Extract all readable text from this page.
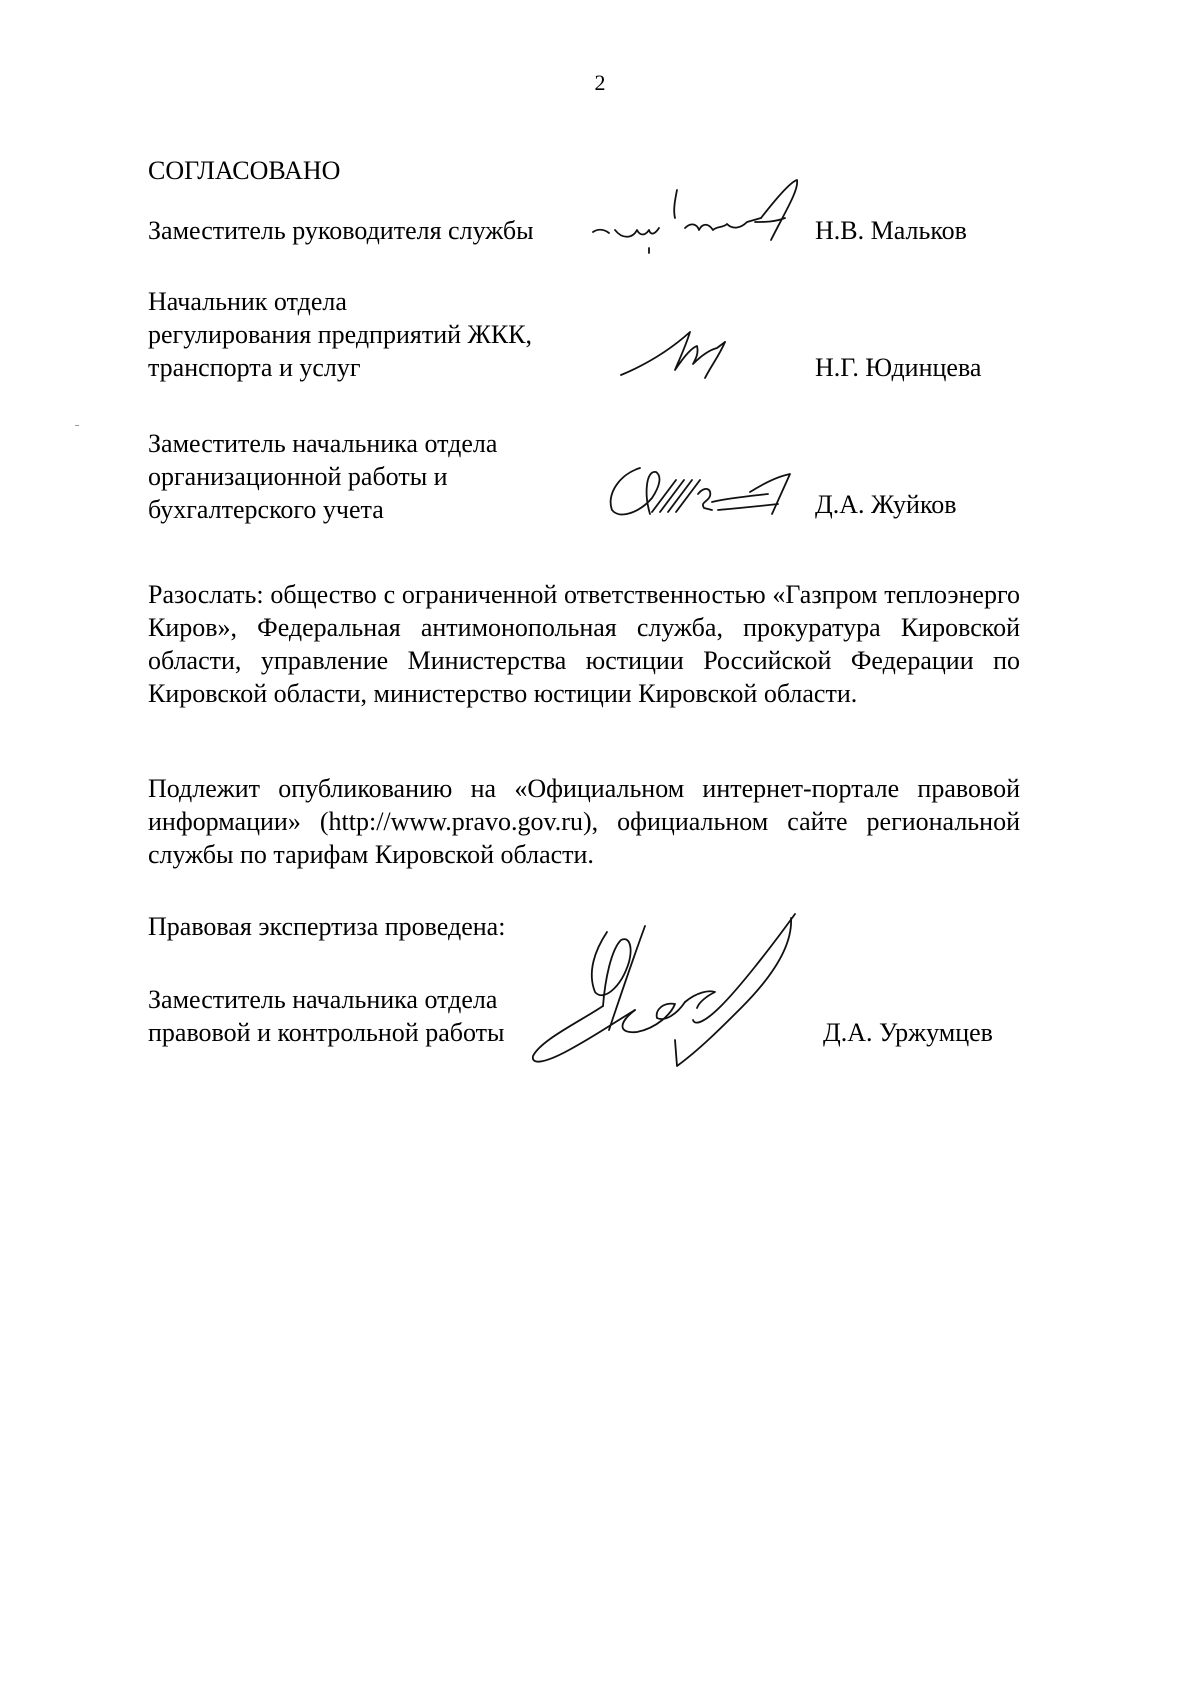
2
СОГЛАСОВАНО
Заместитель руководителя службы	Н.В. Мальков
Начальник отдела
регулирования предприятий ЖКК,
транспорта и услуг	Н.Г. Юдинцева
Заместитель начальника отдела
организационной работы и
бухгалтерского учета	Д.А. Жуйков
Разослать: общество с ограниченной ответственностью «Газпром теплоэнерго Киров», Федеральная антимонопольная служба, прокуратура Кировской области, управление Министерства юстиции Российской Федерации по Кировской области, министерство юстиции Кировской области.
Подлежит опубликованию на «Официальном интернет-портале правовой информации» (http://www.pravo.gov.ru), официальном сайте региональной службы по тарифам Кировской области.
Правовая экспертиза проведена:
Заместитель начальника отдела
правовой и контрольной работы	Д.А. Уржумцев
